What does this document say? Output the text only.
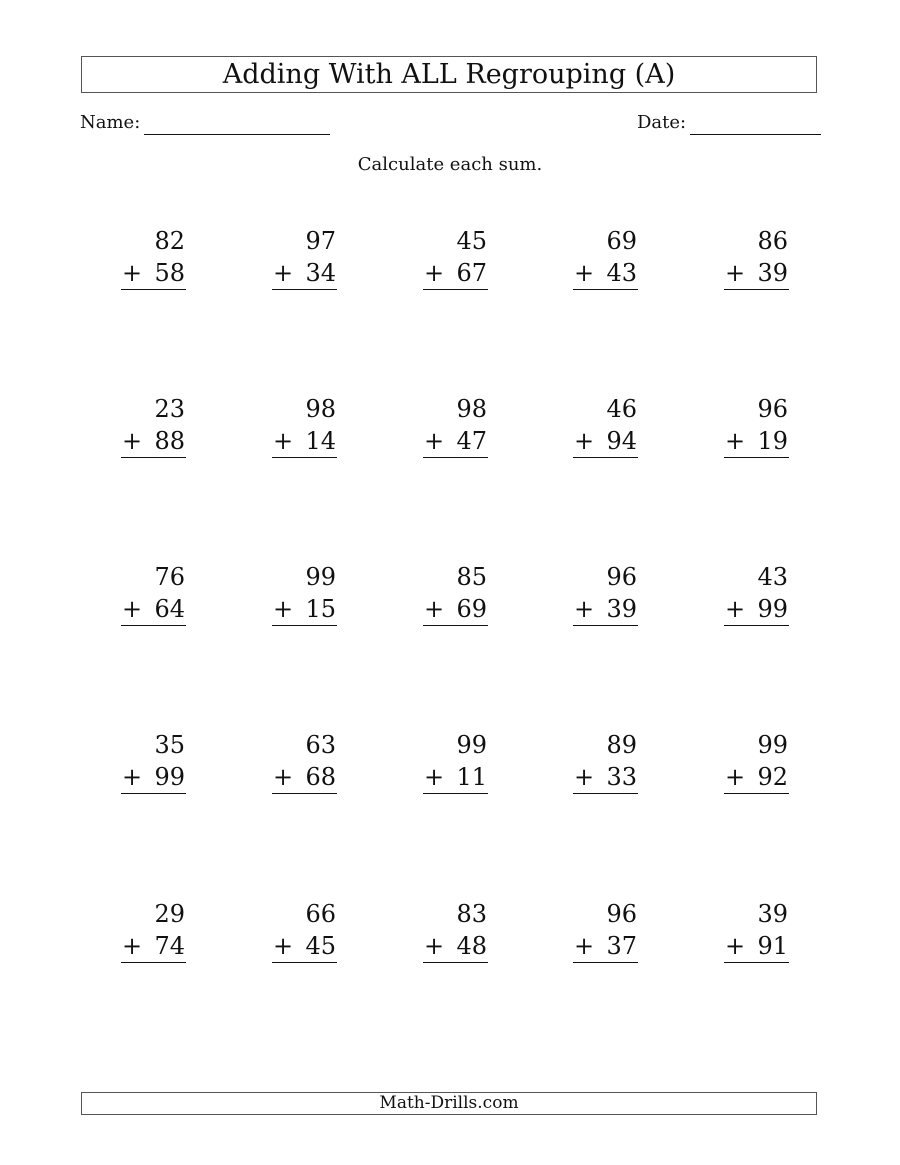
Adding With ALL Regrouping (A)
Name:	Date:
Calculate each sum.
82
+ 58
97
+ 34
45
+ 67
69
+ 43
86
+ 39
23
+ 88
98
+ 14
98
+ 47
46
+ 94
96
+ 19
76
+ 64
99
+ 15
85
+ 69
96
+ 39
43
+ 99
35
+ 99
63
+ 68
99
+ 11
89
+ 33
99
+ 92
29
+ 74
66
+ 45
83
+ 48
96
+ 37
39
+ 91
Math-Drills.com
